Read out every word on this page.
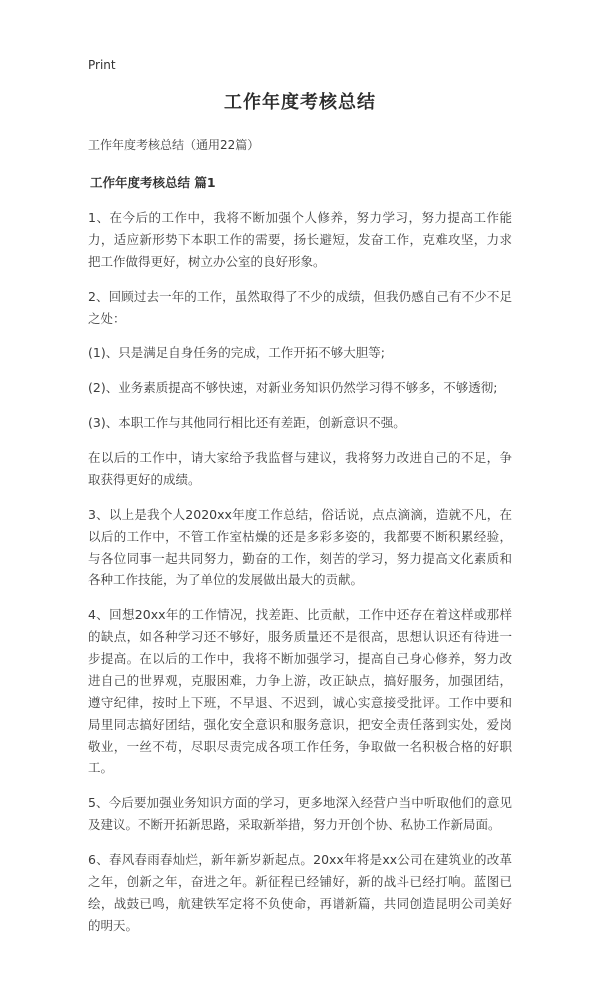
Print
工作年度考核总结
工作年度考核总结（通用22篇）
工作年度考核总结 篇1

1、在今后的工作中，我将不断加强个人修养，努力学习，努力提高工作能力，适应新形势下本职工作的需要，扬长避短，发奋工作，克难攻坚，力求把工作做得更好，树立办公室的良好形象。

2、回顾过去一年的工作，虽然取得了不少的成绩，但我仍感自己有不少不足之处：

(1)、只是满足自身任务的完成，工作开拓不够大胆等;

(2)、业务素质提高不够快速，对新业务知识仍然学习得不够多，不够透彻;

(3)、本职工作与其他同行相比还有差距，创新意识不强。

在以后的工作中，请大家给予我监督与建议，我将努力改进自己的不足，争取获得更好的成绩。

3、以上是我个人2020xx年度工作总结，俗话说，点点滴滴，造就不凡，在以后的工作中，不管工作室枯燥的还是多彩多姿的，我都要不断积累经验，与各位同事一起共同努力，勤奋的工作，刻苦的学习，努力提高文化素质和各种工作技能，为了单位的发展做出最大的贡献。

4、回想20xx年的工作情况，找差距、比贡献，工作中还存在着这样或那样的缺点，如各种学习还不够好，服务质量还不是很高，思想认识还有待进一步提高。在以后的工作中，我将不断加强学习，提高自己身心修养，努力改进自己的世界观，克服困难，力争上游，改正缺点，搞好服务，加强团结，遵守纪律，按时上下班，不早退、不迟到，诚心实意接受批评。工作中要和局里同志搞好团结，强化安全意识和服务意识，把安全责任落到实处，爱岗敬业，一丝不苟，尽职尽责完成各项工作任务，争取做一名积极合格的好职工。

5、今后要加强业务知识方面的学习，更多地深入经营户当中听取他们的意见及建议。不断开拓新思路，采取新举措，努力开创个协、私协工作新局面。

6、春风春雨春灿烂，新年新岁新起点。20xx年将是xx公司在建筑业的改革之年，创新之年，奋进之年。新征程已经铺好，新的战斗已经打响。蓝图已绘，战鼓已鸣，航建铁军定将不负使命，再谱新篇，共同创造昆明公司美好的明天。
